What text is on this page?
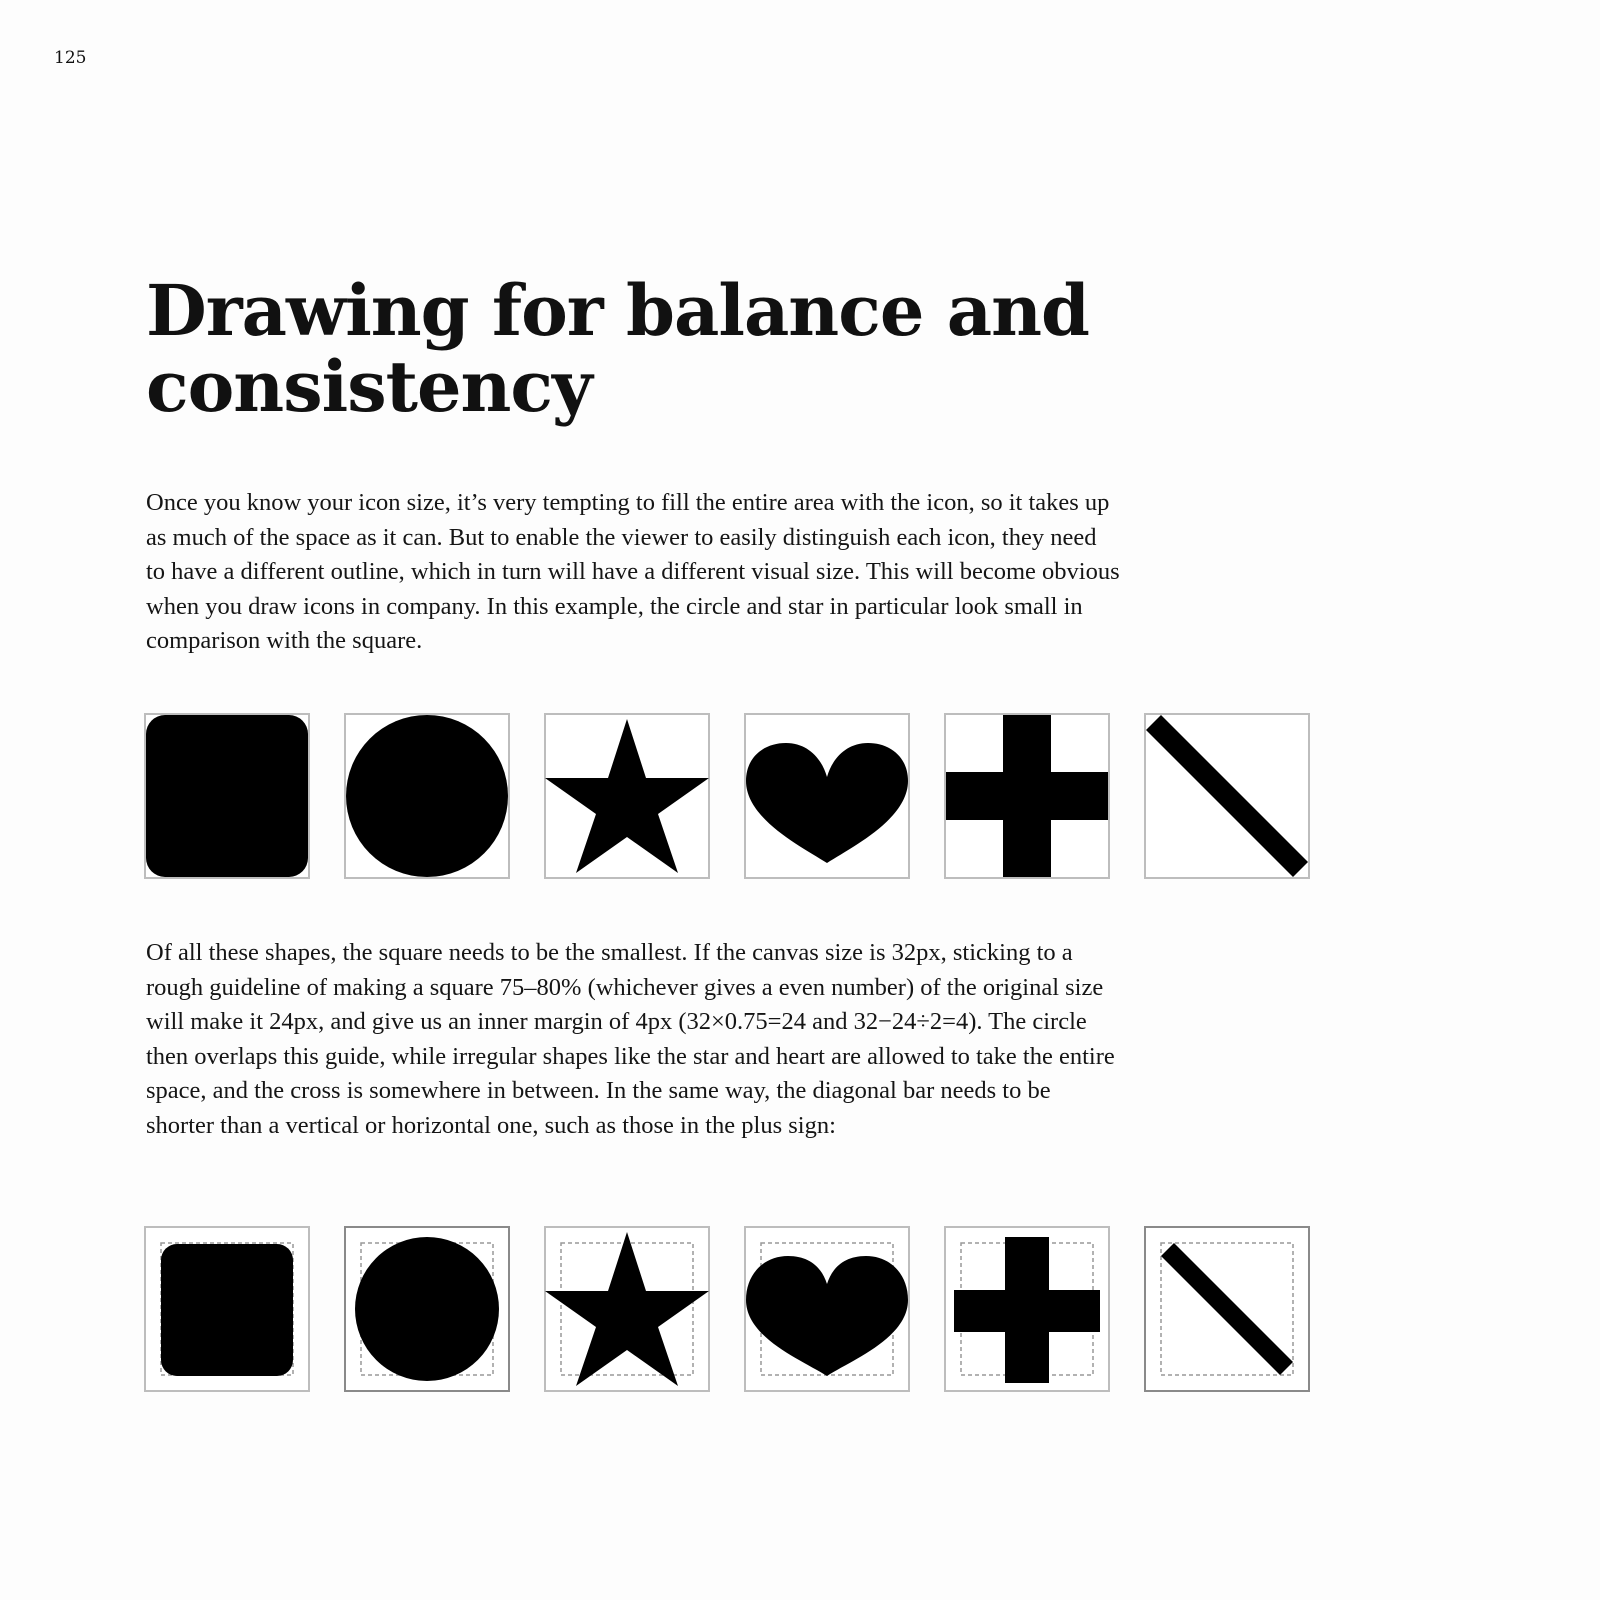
125
Drawing for balance and consistency

Once you know your icon size, it’s very tempting to fill the entire area with the icon, so it takes up as much of the space as it can. But to enable the viewer to easily distinguish each icon, they need to have a different outline, which in turn will have a different visual size. This will become obvious when you draw icons in company. In this example, the circle and star in particular look small in comparison with the square.

Of all these shapes, the square needs to be the smallest. If the canvas size is 32px, sticking to a rough guideline of making a square 75–80% (whichever gives a even number) of the original size will make it 24px, and give us an inner margin of 4px (32×0.75=24 and 32−24÷2=4). The circle then overlaps this guide, while irregular shapes like the star and heart are allowed to take the entire space, and the cross is somewhere in between. In the same way, the diagonal bar needs to be shorter than a vertical or horizontal one, such as those in the plus sign:
